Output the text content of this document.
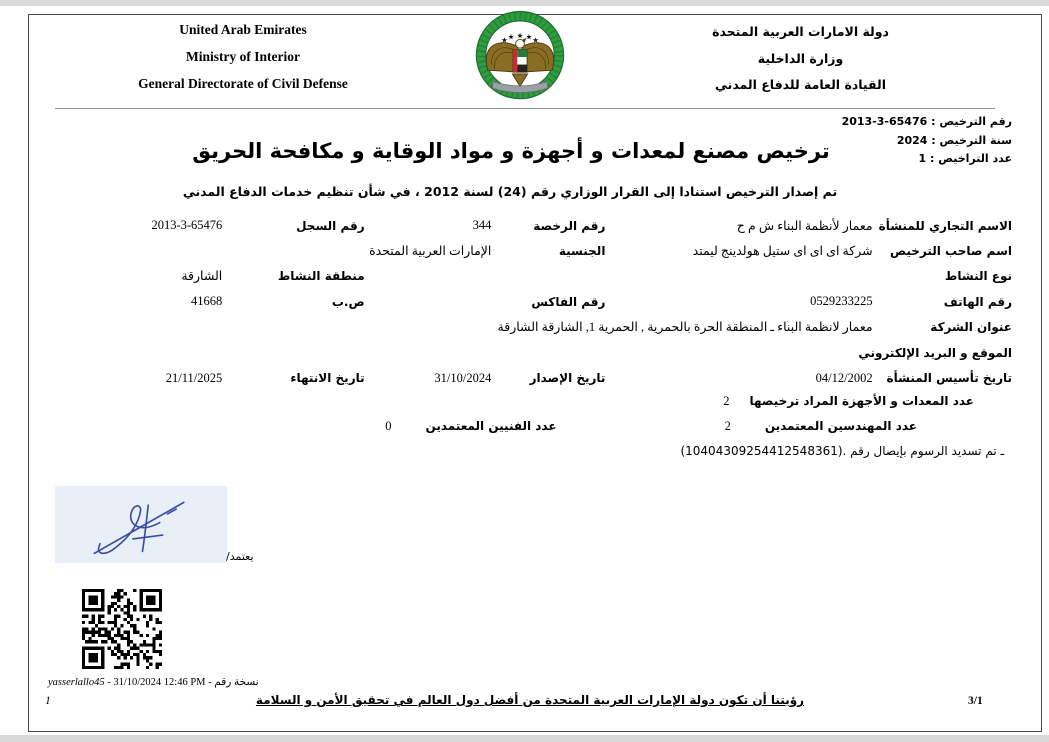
United Arab Emirates
Ministry of Interior
General Directorate of Civil Defense
دولة الامارات العربية المتحدة
وزارة الداخلية
القيادة العامة للدفاع المدني
رقم الترخيص : 65476-3-2013
سنة الترخيص : 2024
عدد التراخيص : 1
ترخيص مصنع لمعدات و أجهزة و مواد الوقاية و مكافحة الحريق
تم إصدار الترخيص استنادا إلى القرار الوزاري رقم (24) لسنة 2012 ، في شأن تنظيم خدمات الدفاع المدني
الاسم التجاري للمنشأة
معمار لأنظمة البناء ش م ح
رقم الرخصة
344
رقم السجل
2013-3-65476
اسم صاحب الترخيص
شركة اى اى اى ستيل هولدينج ليمتد
الجنسية
الإمارات العربية المتحدة
نوع النشاط
منطقة النشاط
الشارقة
رقم الهاتف
0529233225
رقم الفاكس
ص.ب
41668
عنوان الشركة
معمار لانظمة البناء ـ المنطقة الحرة بالحمرية , الحمرية 1, الشارقة الشارقة
الموقع و البريد الإلكتروني
تاريخ تأسيس المنشأة
04/12/2002
تاريخ الإصدار
31/10/2024
تاريخ الانتهاء
21/11/2025
عدد المعدات و الأجهزة المراد ترخيصها2
عدد المهندسين المعتمدين2عدد الفنيين المعتمدين0
ـ تم تسديد الرسوم بإيصال رقم .(10404309254412548361)
يعتمد/
yasserlallo45 - 31/10/2024 12:46 PM - نسخة رقم
1	رؤيتنا أن تكون دولة الإمارات العربية المتحدة من أفضل دول العالم في تحقيق الأمن و السلامة	3/1
